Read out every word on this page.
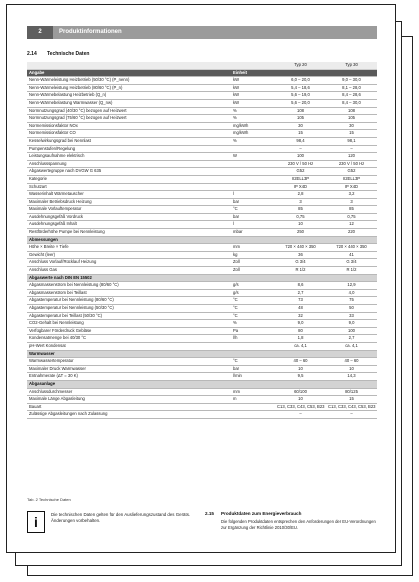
2	Produktinformationen
2.14 Technische Daten
		Typ 20	Typ 30
Angabe	Einheit		
Nenn-Wärmeleistung Heizbetrieb (50/30 °C) (P_nenn)	kW	6,0 – 20,0	9,0 – 30,0
Nenn-Wärmeleistung Heizbetrieb (80/60 °C) (P_n)	kW	5,4 – 18,6	8,1 – 28,0
Nenn-Wärmebelastung Heizbetrieb (Q_n)	kW	5,6 – 19,0	8,4 – 28,6
Nenn-Wärmebelastung Warmwasser (Q_nw)	kW	5,6 – 20,0	8,4 – 30,0
Normnutzungsgrad (40/30 °C) bezogen auf Heizwert	%	108	108
Normnutzungsgrad (75/60 °C) bezogen auf Heizwert	%	105	105
Normemissionsfaktor NOx	mg/kWh	30	30
Normemissionsfaktor CO	mg/kWh	15	15
Kesselwirkungsgrad bei Nennlast	%	98,4	98,1
Pumpenstufen/Regelung		–	–
Leistungsaufnahme elektrisch	W	100	120
Anschlussspannung		230 V / 50 Hz	230 V / 50 Hz
Abgaswertegruppe nach DVGW G 635		G52	G52
Kategorie		II2ELL3P	II2ELL3P
Schutzart		IP X4D	IP X4D
Wasserinhalt Wärmetauscher	l	2,8	3,2
Maximaler Betriebsdruck Heizung	bar	3	3
Maximale Vorlauftemperatur	°C	85	85
Ausdehnungsgefäß Vordruck	bar	0,75	0,75
Ausdehnungsgefäß Inhalt	l	10	12
Restförderhöhe Pumpe bei Nennleistung	mbar	250	220
Abmessungen			
Höhe × Breite × Tiefe	mm	720 × 440 × 350	720 × 440 × 350
Gewicht (leer)	kg	36	41
Anschluss Vorlauf/Rücklauf Heizung	Zoll	G 3/4	G 3/4
Anschluss Gas	Zoll	R 1/2	R 1/2
Abgaswerte nach DIN EN 15502			
Abgasmassenstrom bei Nennleistung (80/60 °C)	g/s	8,6	12,9
Abgasmassenstrom bei Teillast	g/s	2,7	4,0
Abgastemperatur bei Nennleistung (80/60 °C)	°C	73	75
Abgastemperatur bei Nennleistung (50/30 °C)	°C	48	50
Abgastemperatur bei Teillast (50/30 °C)	°C	32	33
CO2-Gehalt bei Nennleistung	%	9,0	9,0
Verfügbarer Förderdruck Gebläse	Pa	80	100
Kondensatmenge bei 40/30 °C	l/h	1,8	2,7
pH-Wert Kondensat		ca. 4,1	ca. 4,1
Warmwasser			
Warmwassertemperatur	°C	40 – 60	40 – 60
Maximaler Druck Warmwasser	bar	10	10
Entnahmerate (ΔT = 30 K)	l/min	9,5	14,3
Abgasanlage			
Anschlussdurchmesser	mm	60/100	80/125
Maximale Länge Abgasleitung	m	10	15
Bauart		C13, C33, C43, C53, B23	C13, C33, C43, C53, B23
Zulässige Abgasleitungen nach Zulassung		–	–
Tab. 2 Technische Daten
i	Die technischen Daten gelten für den Auslieferungszustand des Geräts. Änderungen vorbehalten.
2.15 Produktdaten zum Energieverbrauch
Die folgenden Produktdaten entsprechen den Anforderungen der EU-Verordnungen zur Ergänzung der Richtlinie 2010/30/EU.
